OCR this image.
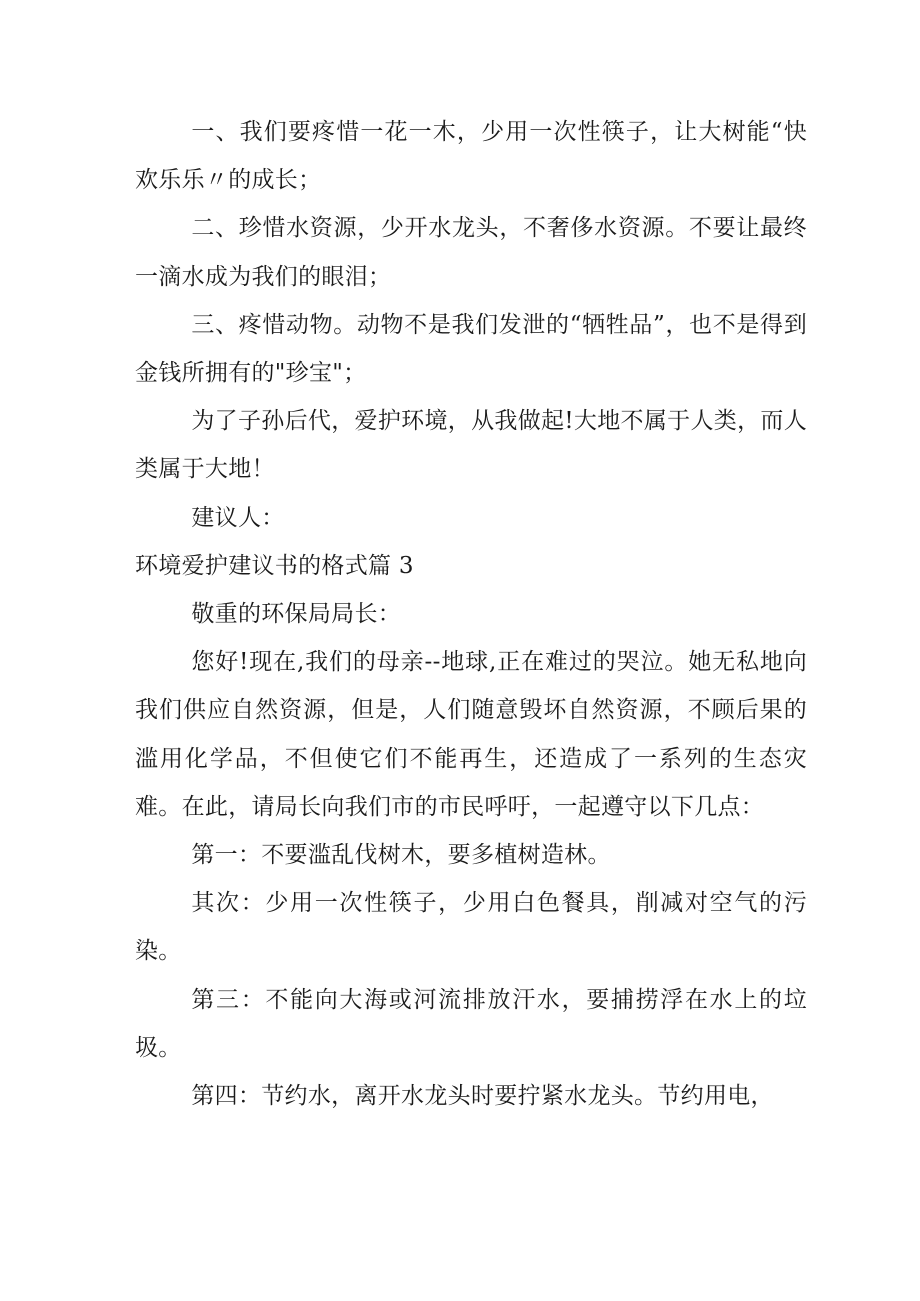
一、我们要疼惜一花一木，少用一次性筷子，让大树能“快欢乐乐〃的成长；

二、珍惜水资源，少开水龙头，不奢侈水资源。不要让最终一滴水成为我们的眼泪；

三、疼惜动物。动物不是我们发泄的“牺牲品”，也不是得到金钱所拥有的"珍宝"；

为了子孙后代，爱护环境，从我做起!大地不属于人类，而人类属于大地！

建议人：

环境爱护建议书的格式篇 3

敬重的环保局局长：

您好!现在,我们的母亲--地球,正在难过的哭泣。她无私地向我们供应自然资源，但是，人们随意毁坏自然资源，不顾后果的滥用化学品，不但使它们不能再生，还造成了一系列的生态灾难。在此，请局长向我们市的市民呼吁，一起遵守以下几点：

第一：不要滥乱伐树木，要多植树造林。

其次：少用一次性筷子，少用白色餐具，削减对空气的污染。

第三：不能向大海或河流排放汗水，要捕捞浮在水上的垃圾。

第四：节约水，离开水龙头时要拧紧水龙头。节约用电，
